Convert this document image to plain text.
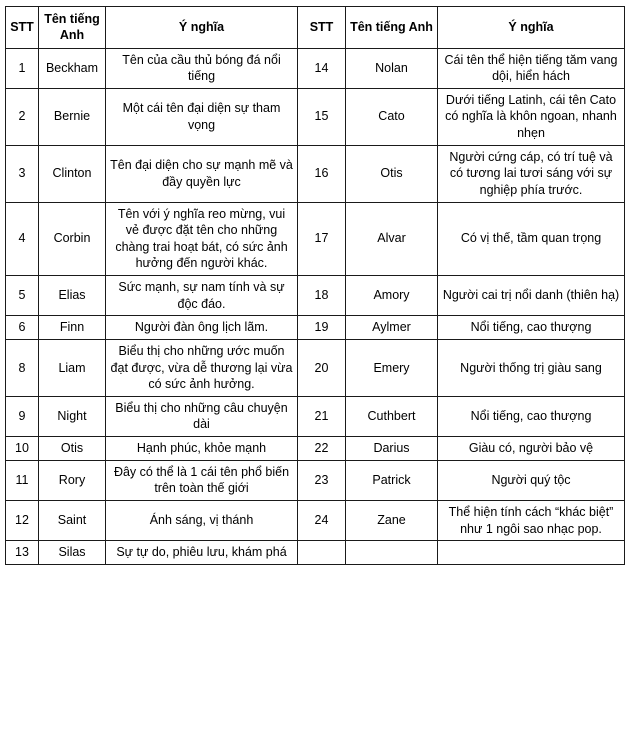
STT	Tên tiếng Anh	Ý nghĩa	STT	Tên tiếng Anh	Ý nghĩa
1	Beckham	Tên của cầu thủ bóng đá nổi tiếng	14	Nolan	Cái tên thể hiện tiếng tăm vang dội, hiển hách
2	Bernie	Một cái tên đại diện sự tham vọng	15	Cato	Dưới tiếng Latinh, cái tên Cato có nghĩa là khôn ngoan, nhanh nhẹn
3	Clinton	Tên đại diện cho sự mạnh mẽ và đầy quyền lực	16	Otis	Người cứng cáp, có trí tuệ và có tương lai tươi sáng với sự nghiệp phía trước.
4	Corbin	Tên với ý nghĩa reo mừng, vui vẻ được đặt tên cho những chàng trai hoạt bát, có sức ảnh hưởng đến người khác.	17	Alvar	Có vị thế, tầm quan trọng
5	Elias	Sức mạnh, sự nam tính và sự độc đáo.	18	Amory	Người cai trị nổi danh (thiên hạ)
6	Finn	Người đàn ông lịch lãm.	19	Aylmer	Nổi tiếng, cao thượng
8	Liam	Biểu thị cho những ước muốn đạt được, vừa dễ thương lại vừa có sức ảnh hưởng.	20	Emery	Người thống trị giàu sang
9	Night	Biểu thị cho những câu chuyện dài	21	Cuthbert	Nổi tiếng, cao thượng
10	Otis	Hạnh phúc, khỏe mạnh	22	Darius	Giàu có, người bảo vệ
11	Rory	Đây có thể là 1 cái tên phổ biến trên toàn thế giới	23	Patrick	Người quý tộc
12	Saint	Ánh sáng, vị thánh	24	Zane	Thể hiện tính cách “khác biệt” như 1 ngôi sao nhạc pop.
13	Silas	Sự tự do, phiêu lưu, khám phá			
